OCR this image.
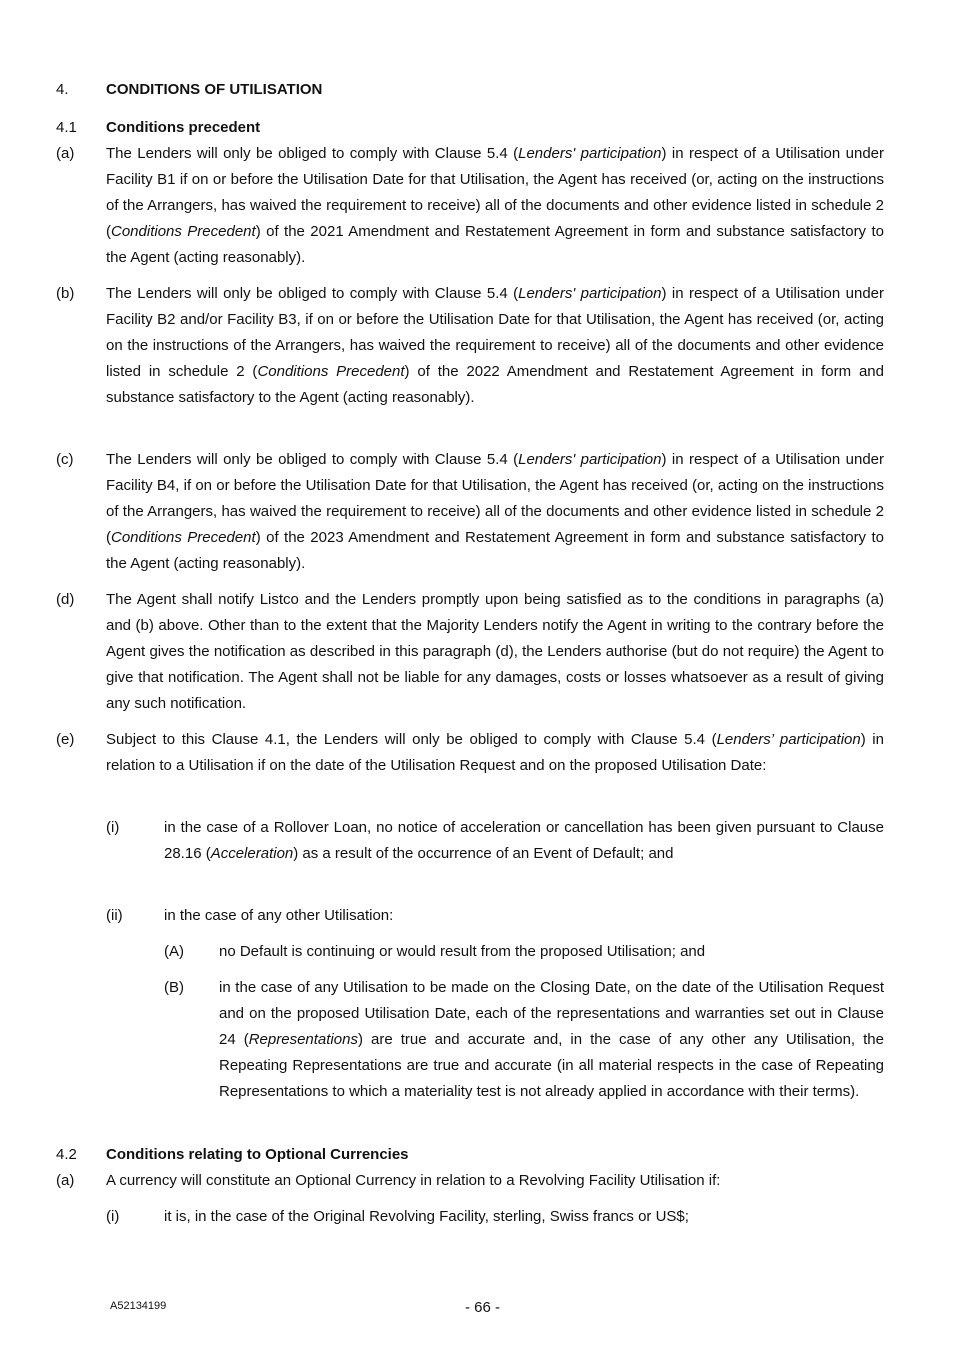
4. CONDITIONS OF UTILISATION
4.1 Conditions precedent
(a) The Lenders will only be obliged to comply with Clause 5.4 (Lenders' participation) in respect of a Utilisation under Facility B1 if on or before the Utilisation Date for that Utilisation, the Agent has received (or, acting on the instructions of the Arrangers, has waived the requirement to receive) all of the documents and other evidence listed in schedule 2 (Conditions Precedent) of the 2021 Amendment and Restatement Agreement in form and substance satisfactory to the Agent (acting reasonably).
(b) The Lenders will only be obliged to comply with Clause 5.4 (Lenders' participation) in respect of a Utilisation under Facility B2 and/or Facility B3, if on or before the Utilisation Date for that Utilisation, the Agent has received (or, acting on the instructions of the Arrangers, has waived the requirement to receive) all of the documents and other evidence listed in schedule 2 (Conditions Precedent) of the 2022 Amendment and Restatement Agreement in form and substance satisfactory to the Agent (acting reasonably).
(c) The Lenders will only be obliged to comply with Clause 5.4 (Lenders' participation) in respect of a Utilisation under Facility B4, if on or before the Utilisation Date for that Utilisation, the Agent has received (or, acting on the instructions of the Arrangers, has waived the requirement to receive) all of the documents and other evidence listed in schedule 2 (Conditions Precedent) of the 2023 Amendment and Restatement Agreement in form and substance satisfactory to the Agent (acting reasonably).
(d) The Agent shall notify Listco and the Lenders promptly upon being satisfied as to the conditions in paragraphs (a) and (b) above. Other than to the extent that the Majority Lenders notify the Agent in writing to the contrary before the Agent gives the notification as described in this paragraph (d), the Lenders authorise (but do not require) the Agent to give that notification. The Agent shall not be liable for any damages, costs or losses whatsoever as a result of giving any such notification.
(e) Subject to this Clause 4.1, the Lenders will only be obliged to comply with Clause 5.4 (Lenders’ participation) in relation to a Utilisation if on the date of the Utilisation Request and on the proposed Utilisation Date:
(i)	in the case of a Rollover Loan, no notice of acceleration or cancellation has been given pursuant to Clause 28.16 (Acceleration) as a result of the occurrence of an Event of Default; and
(ii)	in the case of any other Utilisation:
(A) no Default is continuing or would result from the proposed Utilisation; and
(B) in the case of any Utilisation to be made on the Closing Date, on the date of the Utilisation Request and on the proposed Utilisation Date, each of the representations and warranties set out in Clause 24 (Representations) are true and accurate and, in the case of any other any Utilisation, the Repeating Representations are true and accurate (in all material respects in the case of Repeating Representations to which a materiality test is not already applied in accordance with their terms).
4.2 Conditions relating to Optional Currencies
(a) A currency will constitute an Optional Currency in relation to a Revolving Facility Utilisation if:
(i)	it is, in the case of the Original Revolving Facility, sterling, Swiss francs or US$;
A52134199	- 66 -
